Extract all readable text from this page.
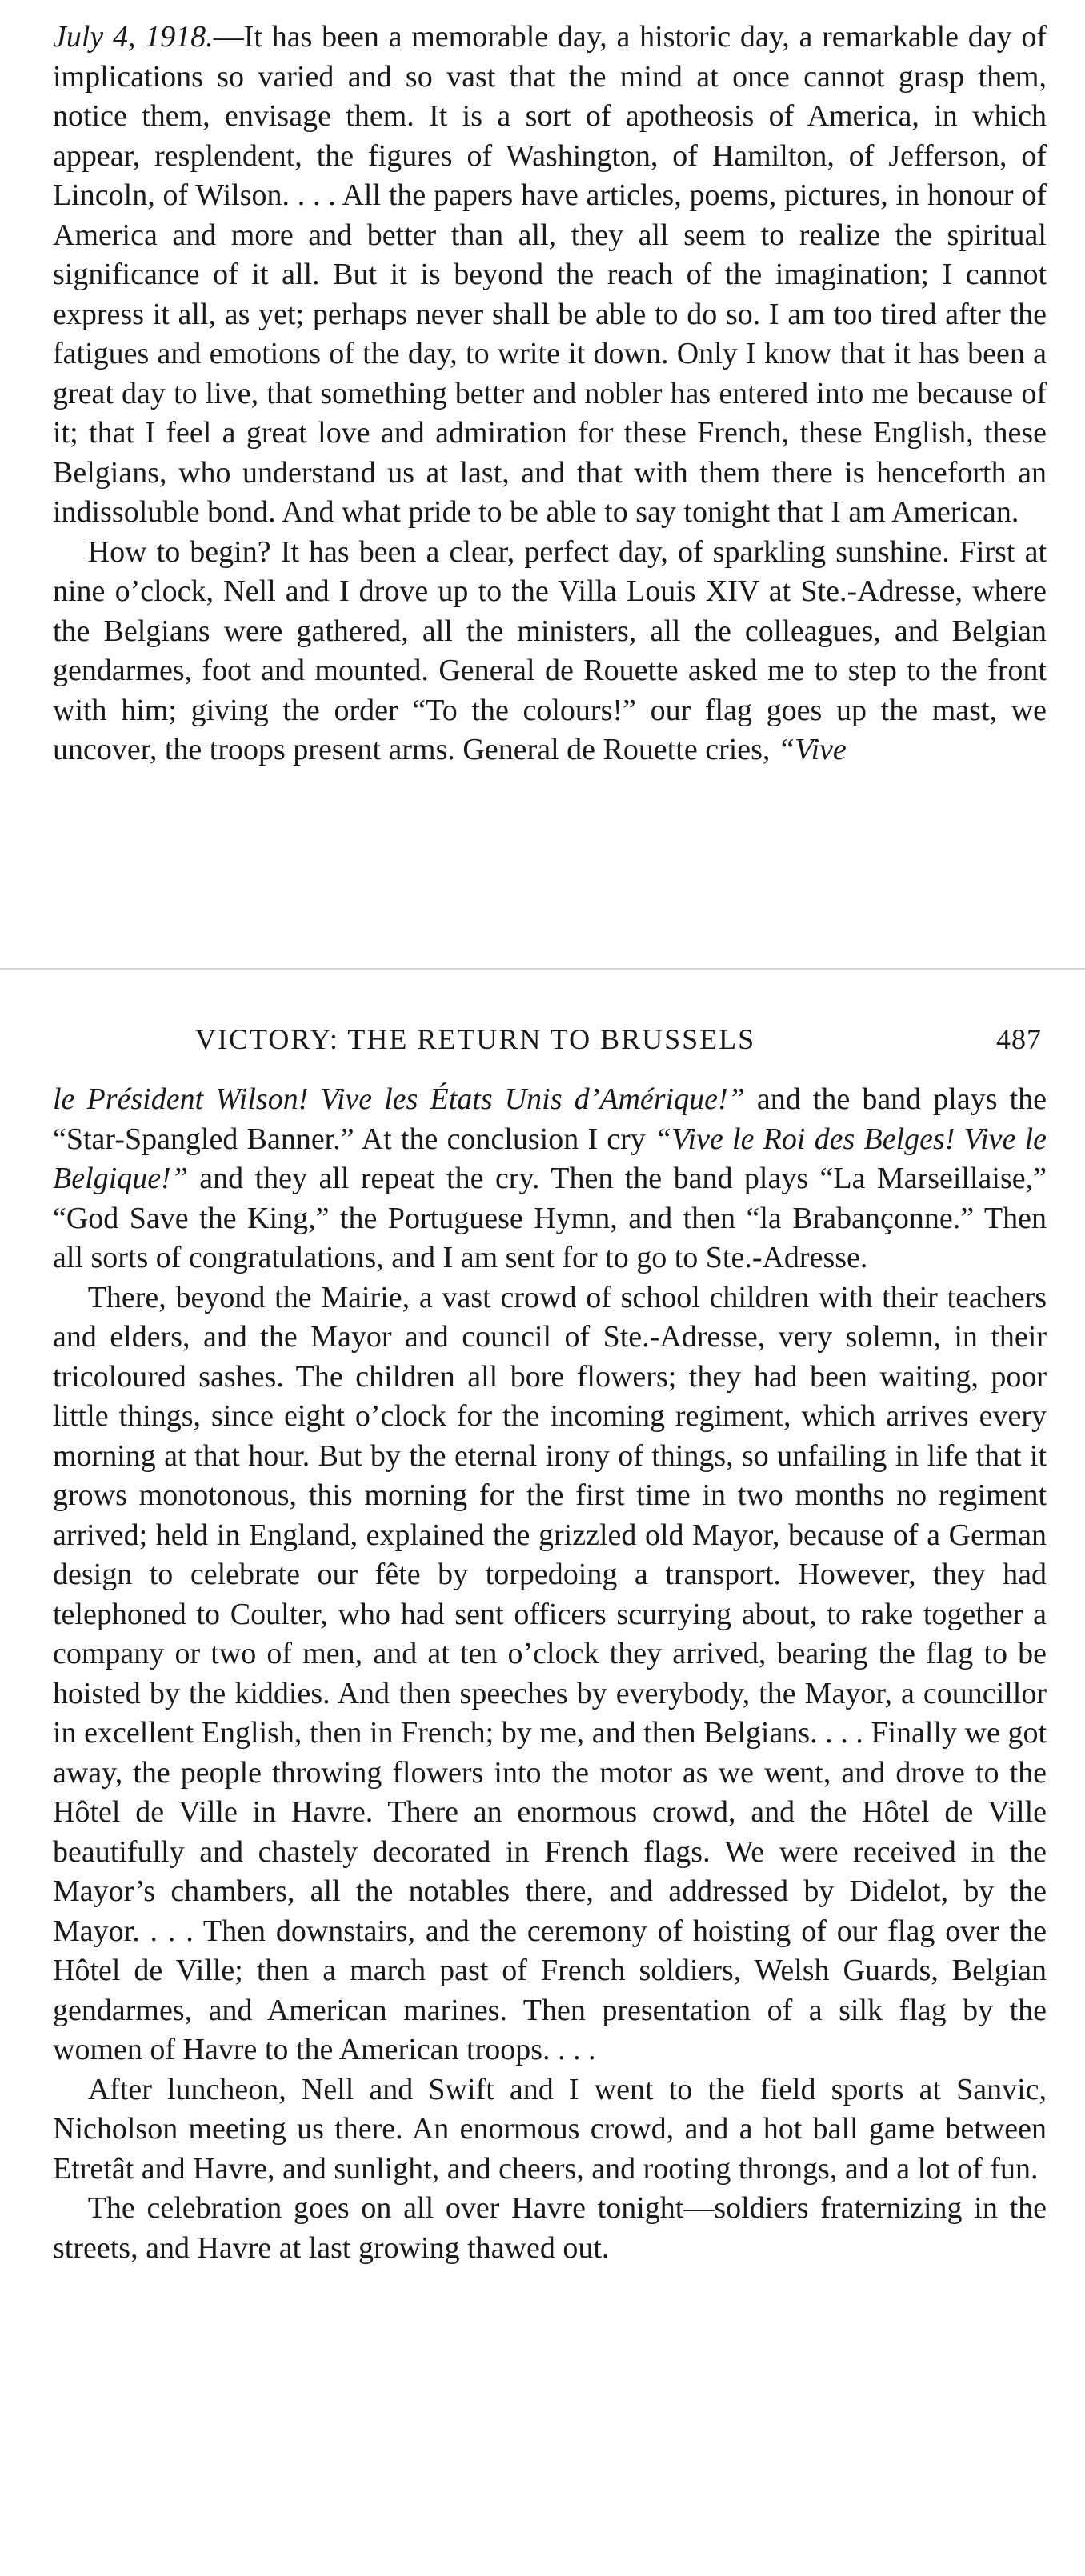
July 4, 1918.—It has been a memorable day, a historic day, a remarkable day of implications so varied and so vast that the mind at once cannot grasp them, notice them, envisage them. It is a sort of apotheosis of America, in which appear, resplendent, the figures of Washington, of Hamilton, of Jefferson, of Lincoln, of Wilson. . . . All the papers have articles, poems, pictures, in honour of America and more and better than all, they all seem to realize the spiritual significance of it all. But it is beyond the reach of the imagination; I cannot express it all, as yet; perhaps never shall be able to do so. I am too tired after the fatigues and emotions of the day, to write it down. Only I know that it has been a great day to live, that something better and nobler has entered into me because of it; that I feel a great love and admiration for these French, these English, these Belgians, who understand us at last, and that with them there is henceforth an indissoluble bond. And what pride to be able to say tonight that I am American.

How to begin? It has been a clear, perfect day, of sparkling sunshine. First at nine o’clock, Nell and I drove up to the Villa Louis XIV at Ste.-Adresse, where the Belgians were gathered, all the ministers, all the colleagues, and Belgian gendarmes, foot and mounted. General de Rouette asked me to step to the front with him; giving the order “To the colours!” our flag goes up the mast, we uncover, the troops present arms. General de Rouette cries, “Vive

VICTORY: THE RETURN TO BRUSSELS	487

le Président Wilson! Vive les États Unis d’Amérique!” and the band plays the “Star-Spangled Banner.” At the conclusion I cry “Vive le Roi des Belges! Vive le Belgique!” and they all repeat the cry. Then the band plays “La Marseillaise,” “God Save the King,” the Portuguese Hymn, and then “la Brabançonne.” Then all sorts of congratulations, and I am sent for to go to Ste.-Adresse.

There, beyond the Mairie, a vast crowd of school children with their teachers and elders, and the Mayor and council of Ste.-Adresse, very solemn, in their tricoloured sashes. The children all bore flowers; they had been waiting, poor little things, since eight o’clock for the incoming regiment, which arrives every morning at that hour. But by the eternal irony of things, so unfailing in life that it grows monotonous, this morning for the first time in two months no regiment arrived; held in England, explained the grizzled old Mayor, because of a German design to celebrate our fête by torpedoing a transport. However, they had telephoned to Coulter, who had sent officers scurrying about, to rake together a company or two of men, and at ten o’clock they arrived, bearing the flag to be hoisted by the kiddies. And then speeches by everybody, the Mayor, a councillor in excellent English, then in French; by me, and then Belgians. . . . Finally we got away, the people throwing flowers into the motor as we went, and drove to the Hôtel de Ville in Havre. There an enormous crowd, and the Hôtel de Ville beautifully and chastely decorated in French flags. We were received in the Mayor’s chambers, all the notables there, and addressed by Didelot, by the Mayor. . . . Then downstairs, and the ceremony of hoisting of our flag over the Hôtel de Ville; then a march past of French soldiers, Welsh Guards, Belgian gendarmes, and American marines. Then presentation of a silk flag by the women of Havre to the American troops. . . .

After luncheon, Nell and Swift and I went to the field sports at Sanvic, Nicholson meeting us there. An enormous crowd, and a hot ball game between Etretât and Havre, and sunlight, and cheers, and rooting throngs, and a lot of fun.

The celebration goes on all over Havre tonight—soldiers fraternizing in the streets, and Havre at last growing thawed out.
